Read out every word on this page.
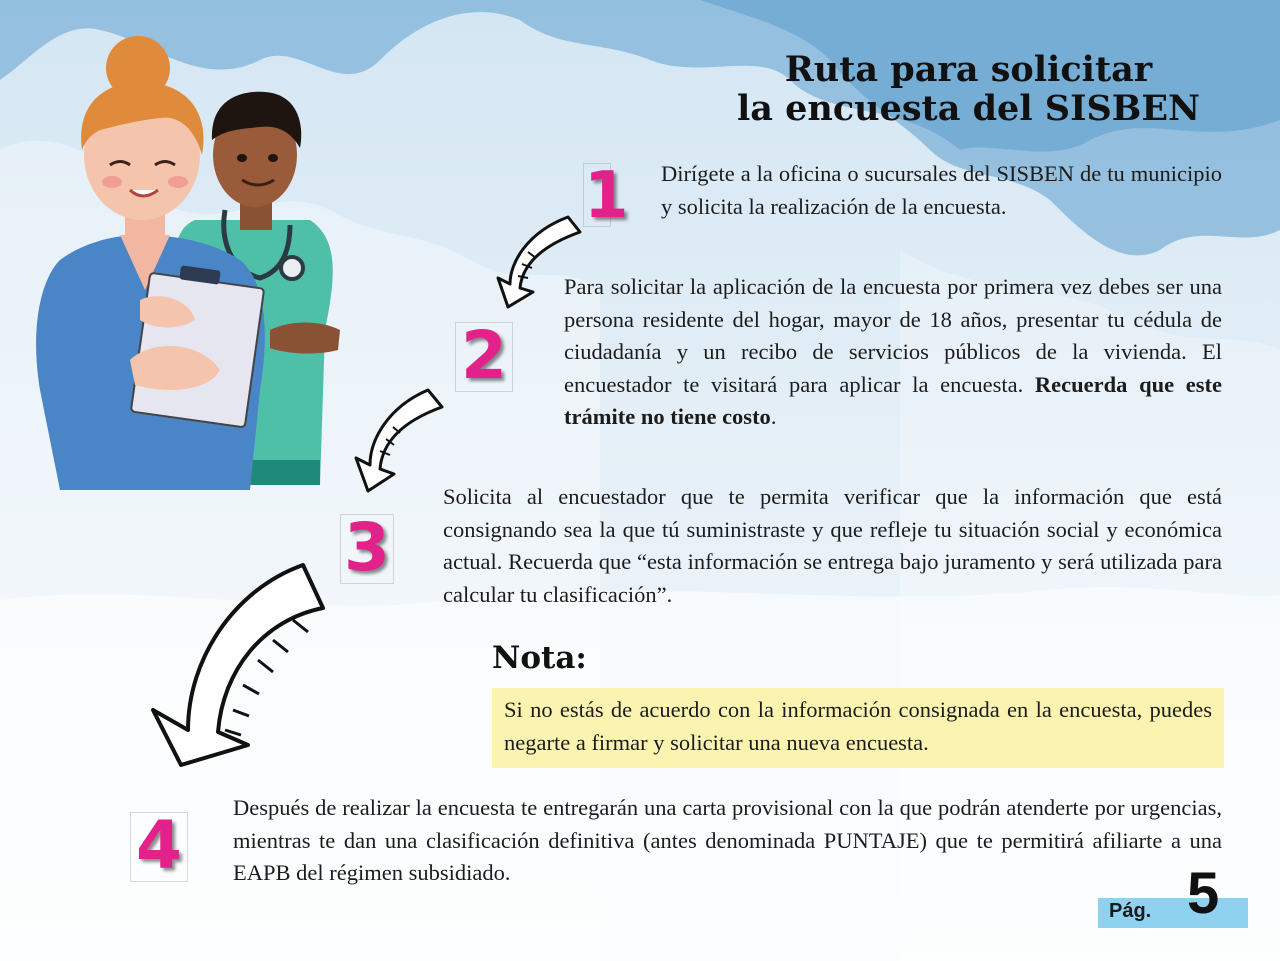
Ruta para solicitar
la encuesta del SISBEN
1
2
3
4
Dirígete a la oficina o sucursales del SISBEN de tu municipio y solicita la realización de la encuesta.
Para solicitar la aplicación de la encuesta por primera vez debes ser una persona residente del hogar, mayor de 18 años, presentar tu cédula de ciudadanía y un recibo de servicios públicos de la vivienda. El encuestador te visitará para aplicar la encuesta. Recuerda que este trámite no tiene costo.
Solicita al encuestador que te permita verificar que la información que está consignando sea la que tú suministraste y que refleje tu situación social y económica actual. Recuerda que “esta información se entrega bajo juramento y será utilizada para calcular tu clasificación”.
Después de realizar la encuesta te entregarán una carta provisional con la que podrán atenderte por urgencias, mientras te dan una clasificación definitiva (antes denominada PUNTAJE) que te permitirá afiliarte a una EAPB del régimen subsidiado.
Nota:
Si no estás de acuerdo con la información consignada en la encuesta, puedes negarte a firmar y solicitar una nueva encuesta.
Pág. 5
